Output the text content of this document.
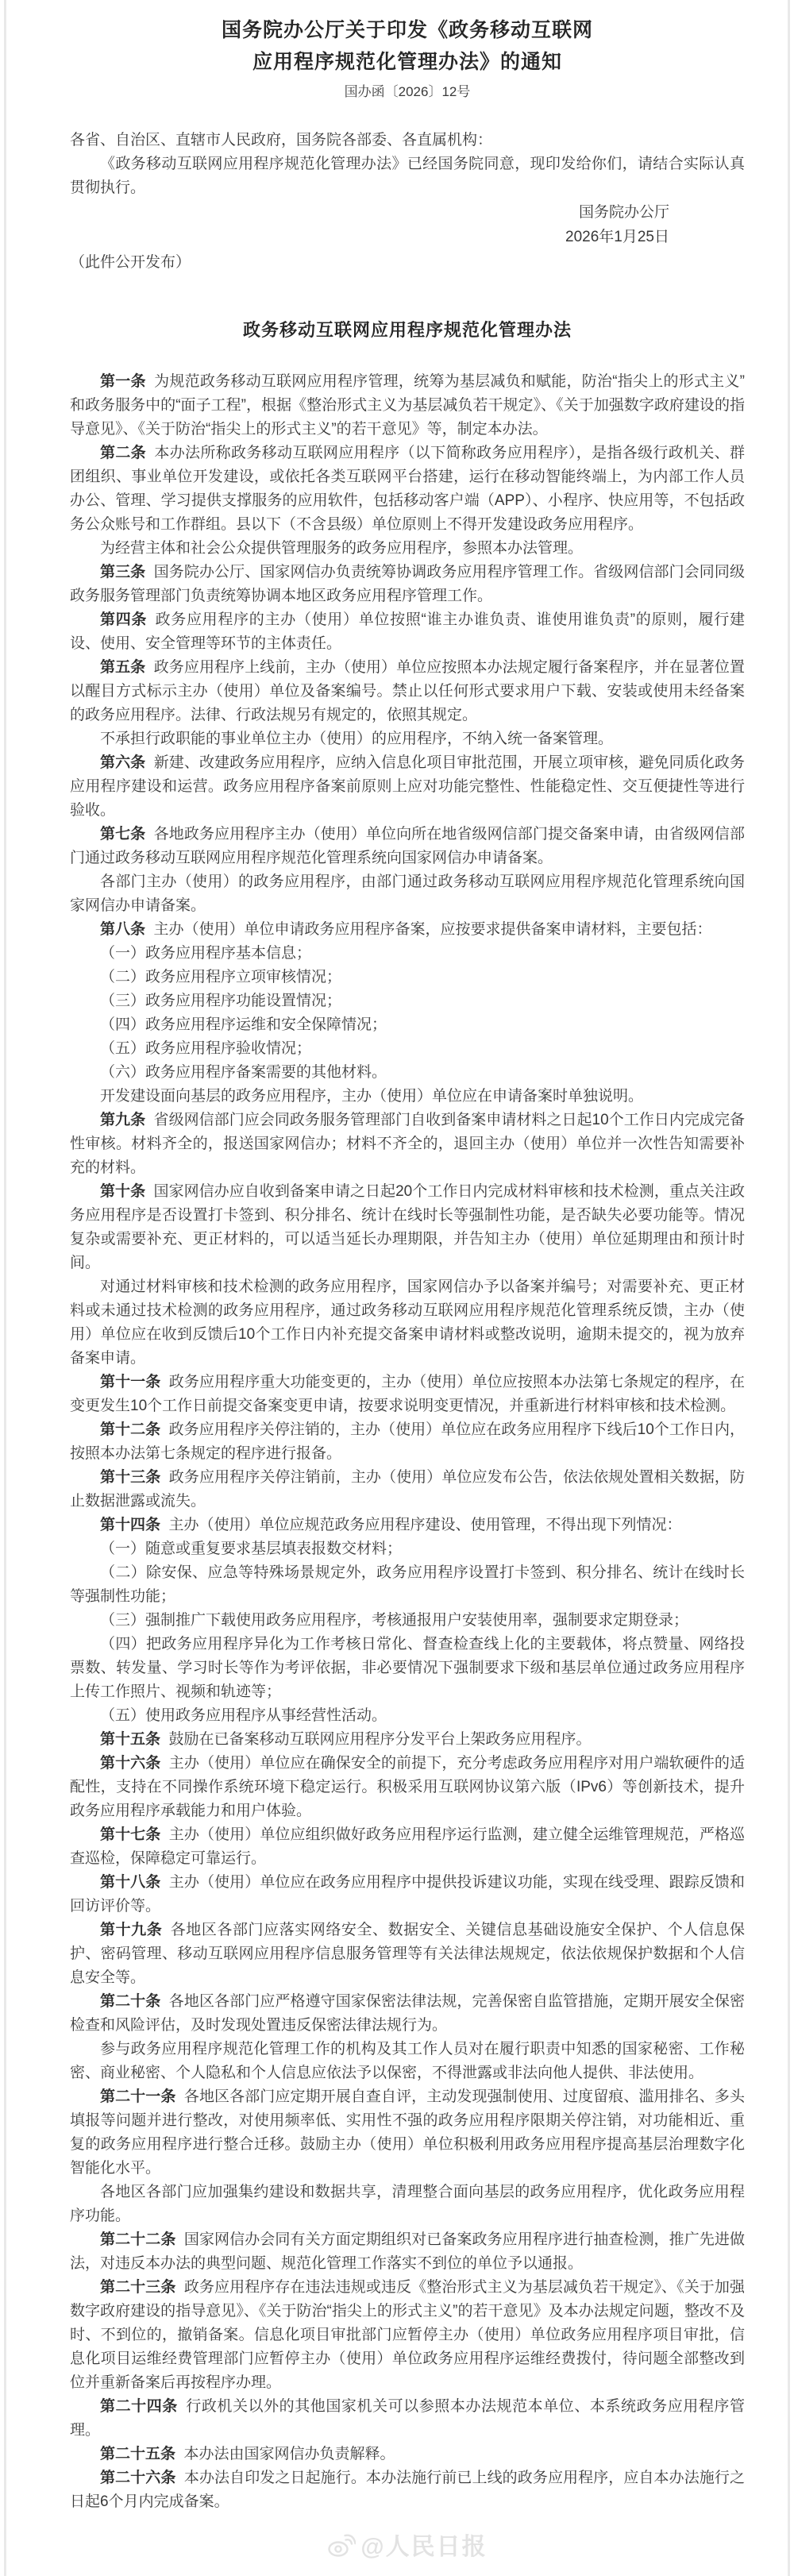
国务院办公厅关于印发《政务移动互联网
应用程序规范化管理办法》的通知
国办函〔2026〕12号
各省、自治区、直辖市人民政府，国务院各部委、各直属机构：

《政务移动互联网应用程序规范化管理办法》已经国务院同意，现印发给你们，请结合实际认真贯彻执行。

国务院办公厅
2026年1月25日
（此件公开发布）
政务移动互联网应用程序规范化管理办法

第一条 为规范政务移动互联网应用程序管理，统筹为基层减负和赋能，防治“指尖上的形式主义”和政务服务中的“面子工程”，根据《整治形式主义为基层减负若干规定》、《关于加强数字政府建设的指导意见》、《关于防治“指尖上的形式主义”的若干意见》等，制定本办法。

第二条 本办法所称政务移动互联网应用程序（以下简称政务应用程序），是指各级行政机关、群团组织、事业单位开发建设，或依托各类互联网平台搭建，运行在移动智能终端上，为内部工作人员办公、管理、学习提供支撑服务的应用软件，包括移动客户端（APP）、小程序、快应用等，不包括政务公众账号和工作群组。县以下（不含县级）单位原则上不得开发建设政务应用程序。

为经营主体和社会公众提供管理服务的政务应用程序，参照本办法管理。

第三条 国务院办公厅、国家网信办负责统筹协调政务应用程序管理工作。省级网信部门会同同级政务服务管理部门负责统筹协调本地区政务应用程序管理工作。

第四条 政务应用程序的主办（使用）单位按照“谁主办谁负责、谁使用谁负责”的原则，履行建设、使用、安全管理等环节的主体责任。

第五条 政务应用程序上线前，主办（使用）单位应按照本办法规定履行备案程序，并在显著位置以醒目方式标示主办（使用）单位及备案编号。禁止以任何形式要求用户下载、安装或使用未经备案的政务应用程序。法律、行政法规另有规定的，依照其规定。

不承担行政职能的事业单位主办（使用）的应用程序，不纳入统一备案管理。

第六条 新建、改建政务应用程序，应纳入信息化项目审批范围，开展立项审核，避免同质化政务应用程序建设和运营。政务应用程序备案前原则上应对功能完整性、性能稳定性、交互便捷性等进行验收。

第七条 各地政务应用程序主办（使用）单位向所在地省级网信部门提交备案申请，由省级网信部门通过政务移动互联网应用程序规范化管理系统向国家网信办申请备案。

各部门主办（使用）的政务应用程序，由部门通过政务移动互联网应用程序规范化管理系统向国家网信办申请备案。

第八条 主办（使用）单位申请政务应用程序备案，应按要求提供备案申请材料，主要包括：

（一）政务应用程序基本信息；

（二）政务应用程序立项审核情况；

（三）政务应用程序功能设置情况；

（四）政务应用程序运维和安全保障情况；

（五）政务应用程序验收情况；

（六）政务应用程序备案需要的其他材料。

开发建设面向基层的政务应用程序，主办（使用）单位应在申请备案时单独说明。

第九条 省级网信部门应会同政务服务管理部门自收到备案申请材料之日起10个工作日内完成完备性审核。材料齐全的，报送国家网信办；材料不齐全的，退回主办（使用）单位并一次性告知需要补充的材料。

第十条 国家网信办应自收到备案申请之日起20个工作日内完成材料审核和技术检测，重点关注政务应用程序是否设置打卡签到、积分排名、统计在线时长等强制性功能，是否缺失必要功能等。情况复杂或需要补充、更正材料的，可以适当延长办理期限，并告知主办（使用）单位延期理由和预计时间。

对通过材料审核和技术检测的政务应用程序，国家网信办予以备案并编号；对需要补充、更正材料或未通过技术检测的政务应用程序，通过政务移动互联网应用程序规范化管理系统反馈，主办（使用）单位应在收到反馈后10个工作日内补充提交备案申请材料或整改说明，逾期未提交的，视为放弃备案申请。

第十一条 政务应用程序重大功能变更的，主办（使用）单位应按照本办法第七条规定的程序，在变更发生10个工作日前提交备案变更申请，按要求说明变更情况，并重新进行材料审核和技术检测。

第十二条 政务应用程序关停注销的，主办（使用）单位应在政务应用程序下线后10个工作日内，按照本办法第七条规定的程序进行报备。

第十三条 政务应用程序关停注销前，主办（使用）单位应发布公告，依法依规处置相关数据，防止数据泄露或流失。

第十四条 主办（使用）单位应规范政务应用程序建设、使用管理，不得出现下列情况：

（一）随意或重复要求基层填表报数交材料；

（二）除安保、应急等特殊场景规定外，政务应用程序设置打卡签到、积分排名、统计在线时长等强制性功能；

（三）强制推广下载使用政务应用程序，考核通报用户安装使用率，强制要求定期登录；

（四）把政务应用程序异化为工作考核日常化、督查检查线上化的主要载体，将点赞量、网络投票数、转发量、学习时长等作为考评依据，非必要情况下强制要求下级和基层单位通过政务应用程序上传工作照片、视频和轨迹等；

（五）使用政务应用程序从事经营性活动。

第十五条 鼓励在已备案移动互联网应用程序分发平台上架政务应用程序。

第十六条 主办（使用）单位应在确保安全的前提下，充分考虑政务应用程序对用户端软硬件的适配性，支持在不同操作系统环境下稳定运行。积极采用互联网协议第六版（IPv6）等创新技术，提升政务应用程序承载能力和用户体验。

第十七条 主办（使用）单位应组织做好政务应用程序运行监测，建立健全运维管理规范，严格巡查巡检，保障稳定可靠运行。

第十八条 主办（使用）单位应在政务应用程序中提供投诉建议功能，实现在线受理、跟踪反馈和回访评价等。

第十九条 各地区各部门应落实网络安全、数据安全、关键信息基础设施安全保护、个人信息保护、密码管理、移动互联网应用程序信息服务管理等有关法律法规规定，依法依规保护数据和个人信息安全等。

第二十条 各地区各部门应严格遵守国家保密法律法规，完善保密自监管措施，定期开展安全保密检查和风险评估，及时发现处置违反保密法律法规行为。

参与政务应用程序规范化管理工作的机构及其工作人员对在履行职责中知悉的国家秘密、工作秘密、商业秘密、个人隐私和个人信息应依法予以保密，不得泄露或非法向他人提供、非法使用。

第二十一条 各地区各部门应定期开展自查自评，主动发现强制使用、过度留痕、滥用排名、多头填报等问题并进行整改，对使用频率低、实用性不强的政务应用程序限期关停注销，对功能相近、重复的政务应用程序进行整合迁移。鼓励主办（使用）单位积极利用政务应用程序提高基层治理数字化智能化水平。

各地区各部门应加强集约建设和数据共享，清理整合面向基层的政务应用程序，优化政务应用程序功能。

第二十二条 国家网信办会同有关方面定期组织对已备案政务应用程序进行抽查检测，推广先进做法，对违反本办法的典型问题、规范化管理工作落实不到位的单位予以通报。

第二十三条 政务应用程序存在违法违规或违反《整治形式主义为基层减负若干规定》、《关于加强数字政府建设的指导意见》、《关于防治“指尖上的形式主义”的若干意见》及本办法规定问题，整改不及时、不到位的，撤销备案。信息化项目审批部门应暂停主办（使用）单位政务应用程序项目审批，信息化项目运维经费管理部门应暂停主办（使用）单位政务应用程序运维经费拨付，待问题全部整改到位并重新备案后再按程序办理。

第二十四条 行政机关以外的其他国家机关可以参照本办法规范本单位、本系统政务应用程序管理。

第二十五条 本办法由国家网信办负责解释。

第二十六条 本办法自印发之日起施行。本办法施行前已上线的政务应用程序，应自本办法施行之日起6个月内完成备案。

@人民日报
